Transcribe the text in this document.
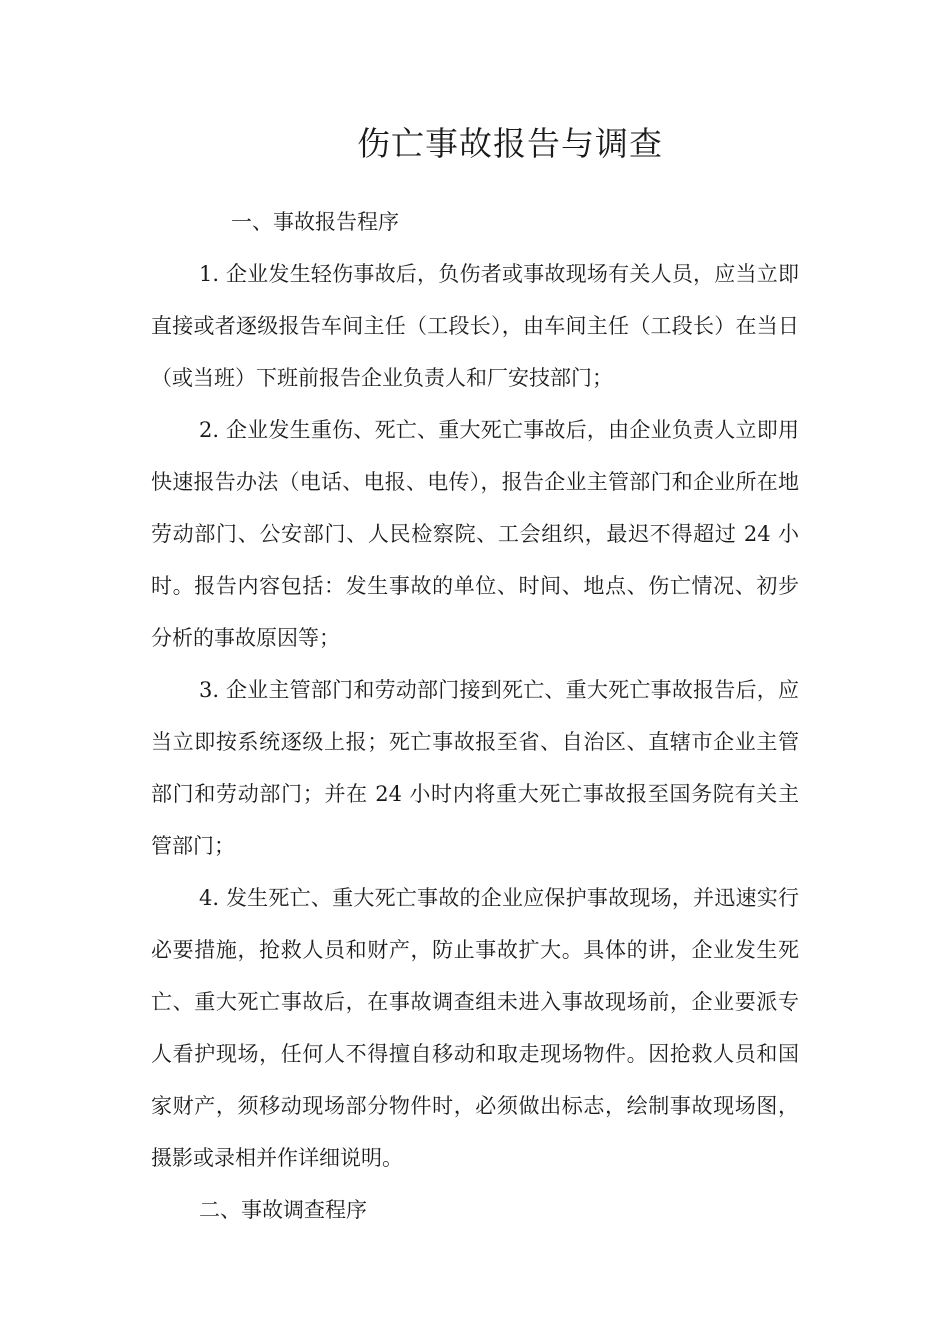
伤亡事故报告与调查

一、事故报告程序

1. 企业发生轻伤事故后，负伤者或事故现场有关人员，应当立即直接或者逐级报告车间主任（工段长），由车间主任（工段长）在当日（或当班）下班前报告企业负责人和厂安技部门；

2. 企业发生重伤、死亡、重大死亡事故后，由企业负责人立即用快速报告办法（电话、电报、电传），报告企业主管部门和企业所在地劳动部门、公安部门、人民检察院、工会组织，最迟不得超过 24 小时。报告内容包括：发生事故的单位、时间、地点、伤亡情况、初步分析的事故原因等；

3. 企业主管部门和劳动部门接到死亡、重大死亡事故报告后，应当立即按系统逐级上报；死亡事故报至省、自治区、直辖市企业主管部门和劳动部门；并在 24 小时内将重大死亡事故报至国务院有关主管部门；

4. 发生死亡、重大死亡事故的企业应保护事故现场，并迅速实行必要措施，抢救人员和财产，防止事故扩大。具体的讲，企业发生死亡、重大死亡事故后，在事故调查组未进入事故现场前，企业要派专人看护现场，任何人不得擅自移动和取走现场物件。因抢救人员和国家财产，须移动现场部分物件时，必须做出标志，绘制事故现场图，摄影或录相并作详细说明。

二、事故调查程序
